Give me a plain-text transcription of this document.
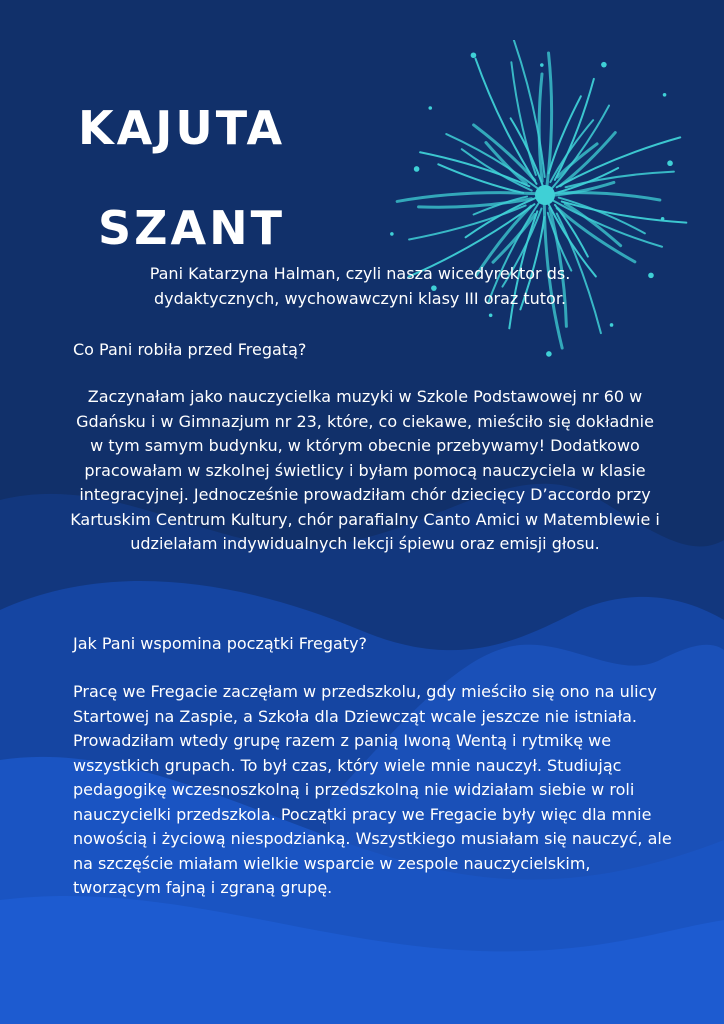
KAJUTA
SZANT

Pani Katarzyna Halman, czyli nasza wicedyrektor ds. dydaktycznych, wychowawczyni klasy III oraz tutor.

Co Pani robiła przed Fregatą?

Zaczynałam jako nauczycielka muzyki w Szkole Podstawowej nr 60 w Gdańsku i w Gimnazjum nr 23, które, co ciekawe, mieściło się dokładnie w tym samym budynku, w którym obecnie przebywamy! Dodatkowo pracowałam w szkolnej świetlicy i byłam pomocą nauczyciela w klasie integracyjnej. Jednocześnie prowadziłam chór dziecięcy D’accordo przy Kartuskim Centrum Kultury, chór parafialny Canto Amici w Matemblewie i udzielałam indywidualnych lekcji śpiewu oraz emisji głosu.

Jak Pani wspomina początki Fregaty?

Pracę we Fregacie zaczęłam w przedszkolu, gdy mieściło się ono na ulicy Startowej na Zaspie, a Szkoła dla Dziewcząt wcale jeszcze nie istniała. Prowadziłam wtedy grupę razem z panią Iwoną Wentą i rytmikę we wszystkich grupach. To był czas, który wiele mnie nauczył. Studiując pedagogikę wczesnoszkolną i przedszkolną nie widziałam siebie w roli nauczycielki przedszkola. Początki pracy we Fregacie były więc dla mnie nowością i życiową niespodzianką. Wszystkiego musiałam się nauczyć, ale na szczęście miałam wielkie wsparcie w zespole nauczycielskim, tworzącym fajną i zgraną grupę.
